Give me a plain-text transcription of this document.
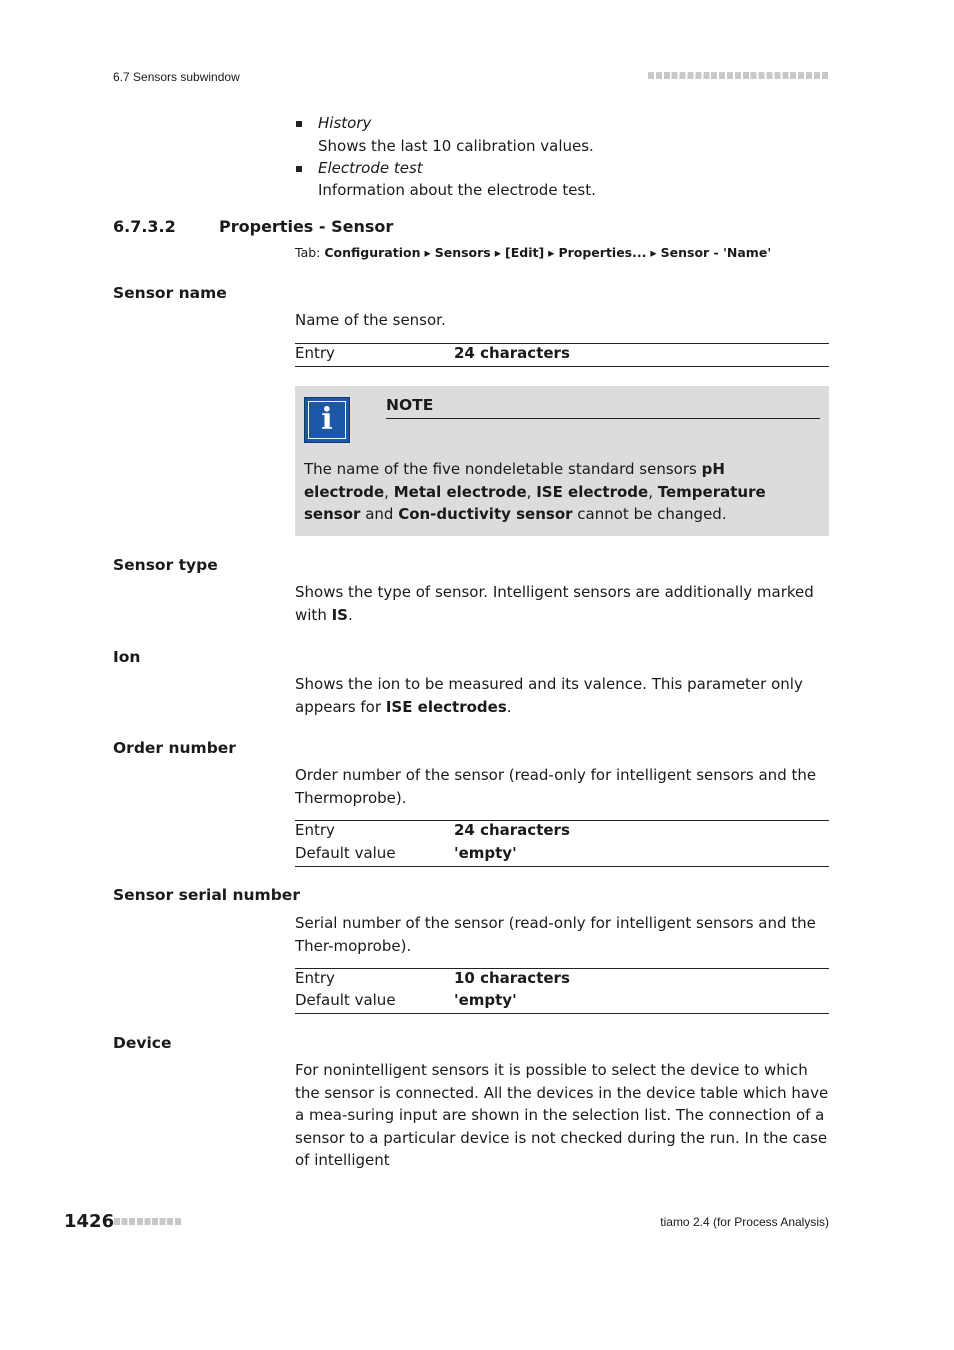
6.7 Sensors subwindow
History
Shows the last 10 calibration values.
Electrode test
Information about the electrode test.
6.7.3.2	Properties - Sensor
Tab: Configuration ▸ Sensors ▸ [Edit] ▸ Properties... ▸ Sensor - 'Name'
Sensor name
Name of the sensor.
Entry	24 characters
i	NOTE
The name of the five nondeletable standard sensors pH electrode, Metal electrode, ISE electrode, Temperature sensor and Con-ductivity sensor cannot be changed.
Sensor type
Shows the type of sensor. Intelligent sensors are additionally marked with IS.
Ion
Shows the ion to be measured and its valence. This parameter only appears for ISE electrodes.
Order number
Order number of the sensor (read-only for intelligent sensors and the Thermoprobe).
Entry	24 characters
Default value	'empty'
Sensor serial number
Serial number of the sensor (read-only for intelligent sensors and the Ther-moprobe).
Entry	10 characters
Default value	'empty'
Device
For nonintelligent sensors it is possible to select the device to which the sensor is connected. All the devices in the device table which have a mea-suring input are shown in the selection list. The connection of a sensor to a particular device is not checked during the run. In the case of intelligent
1426	tiamo 2.4 (for Process Analysis)
